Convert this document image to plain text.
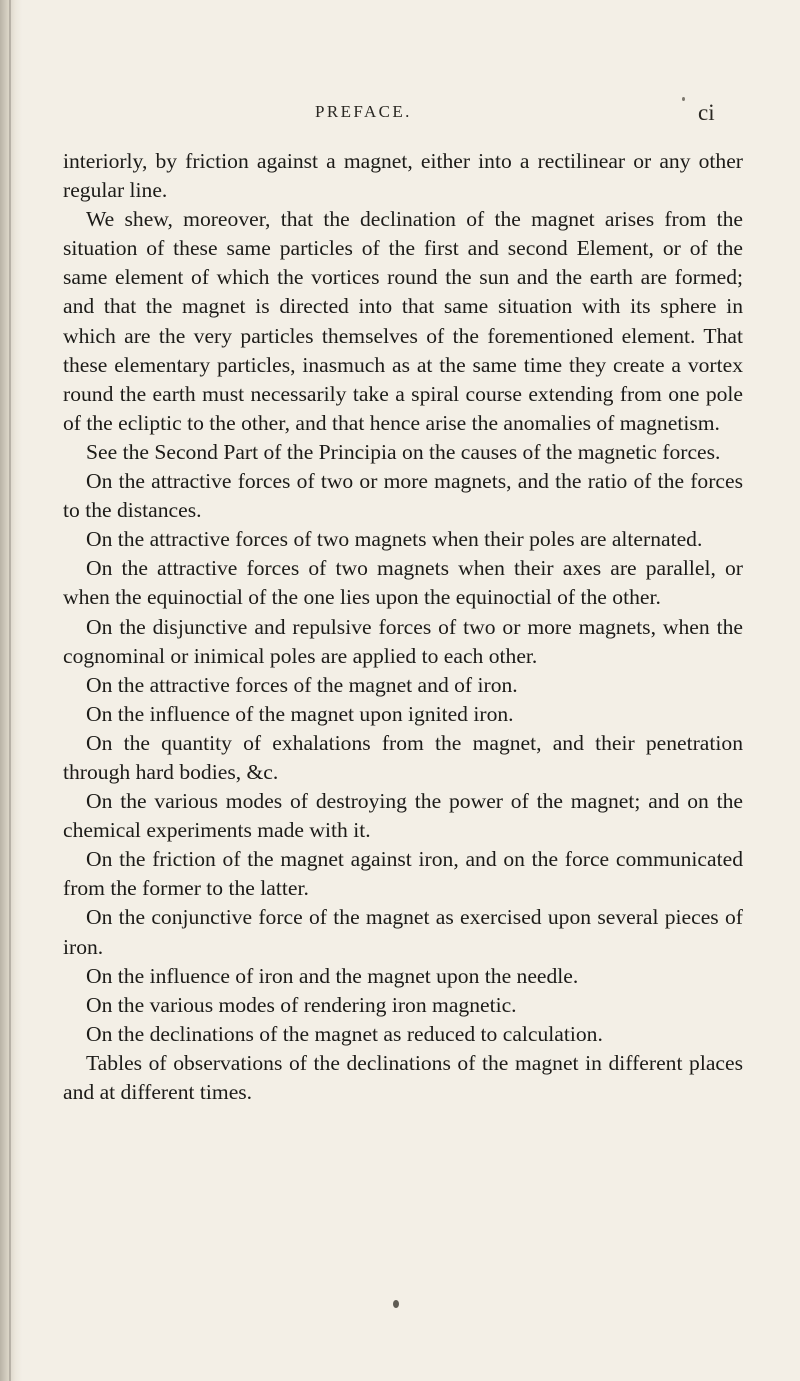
PREFACE.	ci

interiorly, by friction against a magnet, either into a rectilinear or any other regular line.

We shew, moreover, that the declination of the magnet arises from the situation of these same particles of the first and second Element, or of the same element of which the vortices round the sun and the earth are formed; and that the magnet is directed into that same situation with its sphere in which are the very particles themselves of the forementioned element. That these elementary particles, inasmuch as at the same time they create a vortex round the earth must necessarily take a spiral course extending from one pole of the ecliptic to the other, and that hence arise the anomalies of magnetism.

See the Second Part of the Principia on the causes of the magnetic forces.

On the attractive forces of two or more magnets, and the ratio of the forces to the distances.

On the attractive forces of two magnets when their poles are alternated.

On the attractive forces of two magnets when their axes are parallel, or when the equinoctial of the one lies upon the equinoctial of the other.

On the disjunctive and repulsive forces of two or more magnets, when the cognominal or inimical poles are applied to each other.

On the attractive forces of the magnet and of iron.

On the influence of the magnet upon ignited iron.

On the quantity of exhalations from the magnet, and their penetration through hard bodies, &c.

On the various modes of destroying the power of the magnet; and on the chemical experiments made with it.

On the friction of the magnet against iron, and on the force communicated from the former to the latter.

On the conjunctive force of the magnet as exercised upon several pieces of iron.

On the influence of iron and the magnet upon the needle.

On the various modes of rendering iron magnetic.

On the declinations of the magnet as reduced to calculation.

Tables of observations of the declinations of the magnet in different places and at different times.
